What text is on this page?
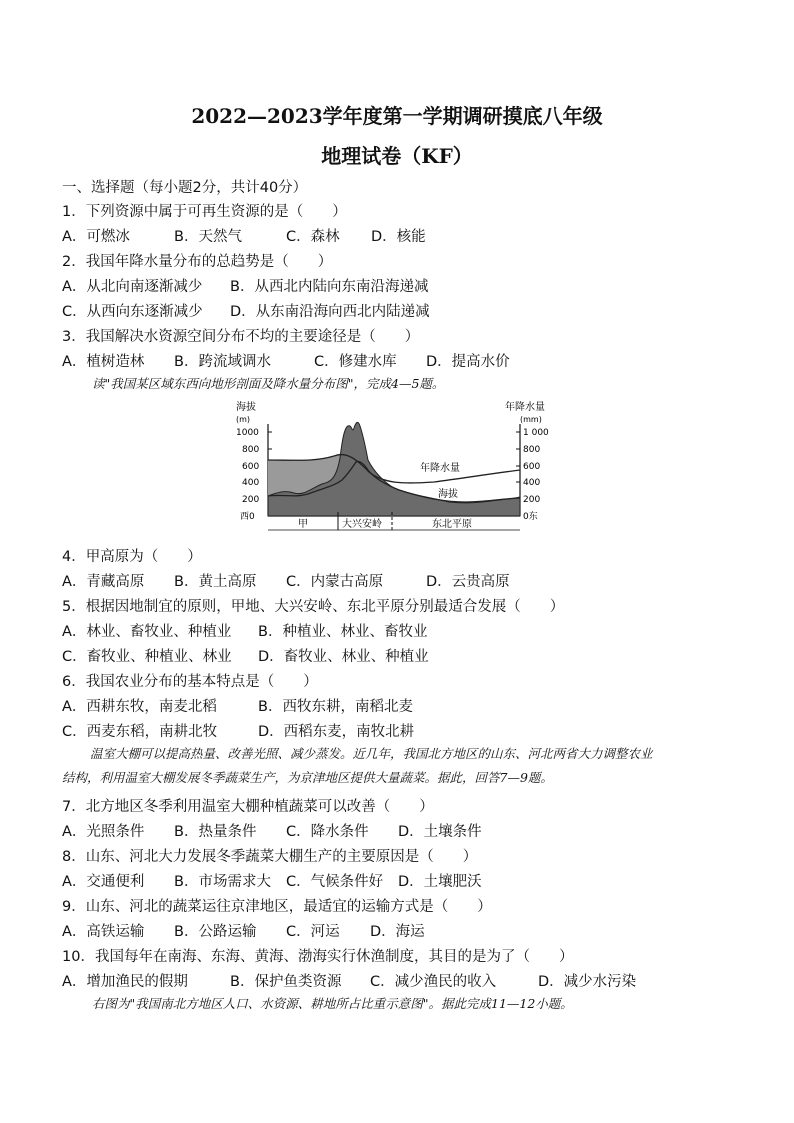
2022—2023学年度第一学期调研摸底八年级
地理试卷（KF）
一、选择题（每小题2分，共计40分）
1．下列资源中属于可再生资源的是（　　）
A．可燃冰	B．天然气	C．森林 D．核能
2．我国年降水量分布的总趋势是（　　）
A．从北向南逐渐减少 B．从西北内陆向东南沿海递减
C．从西向东逐渐减少 D．从东南沿海向西北内陆递减
3．我国解决水资源空间分布不均的主要途径是（　　）
A．植树造林 B．跨流域调水	C．修建水库 D．提高水价
读"我国某区域东西向地形剖面及降水量分布图"，完成4—5题。
海拔
(m)
年降水量
(mm)
1000
800
600
400
200
西0
1 000
800
600
400
200
0东
年降水量
海拔
甲	大兴安岭	东北平原
4．甲高原为（　　）
A．青藏高原 B．黄土高原 C．内蒙古高原	D．云贵高原
5．根据因地制宜的原则，甲地、大兴安岭、东北平原分别最适合发展（　　）
A．林业、畜牧业、种植业 B．种植业、林业、畜牧业
C．畜牧业、种植业、林业 D．畜牧业、林业、种植业
6．我国农业分布的基本特点是（　　）
A．西耕东牧，南麦北稻	B．西牧东耕，南稻北麦
C．西麦东稻，南耕北牧	D．西稻东麦，南牧北耕
温室大棚可以提高热量、改善光照、减少蒸发。近几年，我国北方地区的山东、河北两省大力调整农业
结构，利用温室大棚发展冬季蔬菜生产，为京津地区提供大量蔬菜。据此，回答7—9题。
7．北方地区冬季利用温室大棚种植蔬菜可以改善（　　）
A．光照条件 B．热量条件 C．降水条件 D．土壤条件
8．山东、河北大力发展冬季蔬菜大棚生产的主要原因是（　　）
A．交通便利 B．市场需求大 C．气候条件好 D．土壤肥沃
9．山东、河北的蔬菜运往京津地区，最适宜的运输方式是（　　）
A．高铁运输 B．公路运输 C．河运 D．海运
10．我国每年在南海、东海、黄海、渤海实行休渔制度，其目的是为了（　　）
A．增加渔民的假期	B．保护鱼类资源 C．减少渔民的收入	D．减少水污染
右图为"我国南北方地区人口、水资源、耕地所占比重示意图"。据此完成11—12小题。
